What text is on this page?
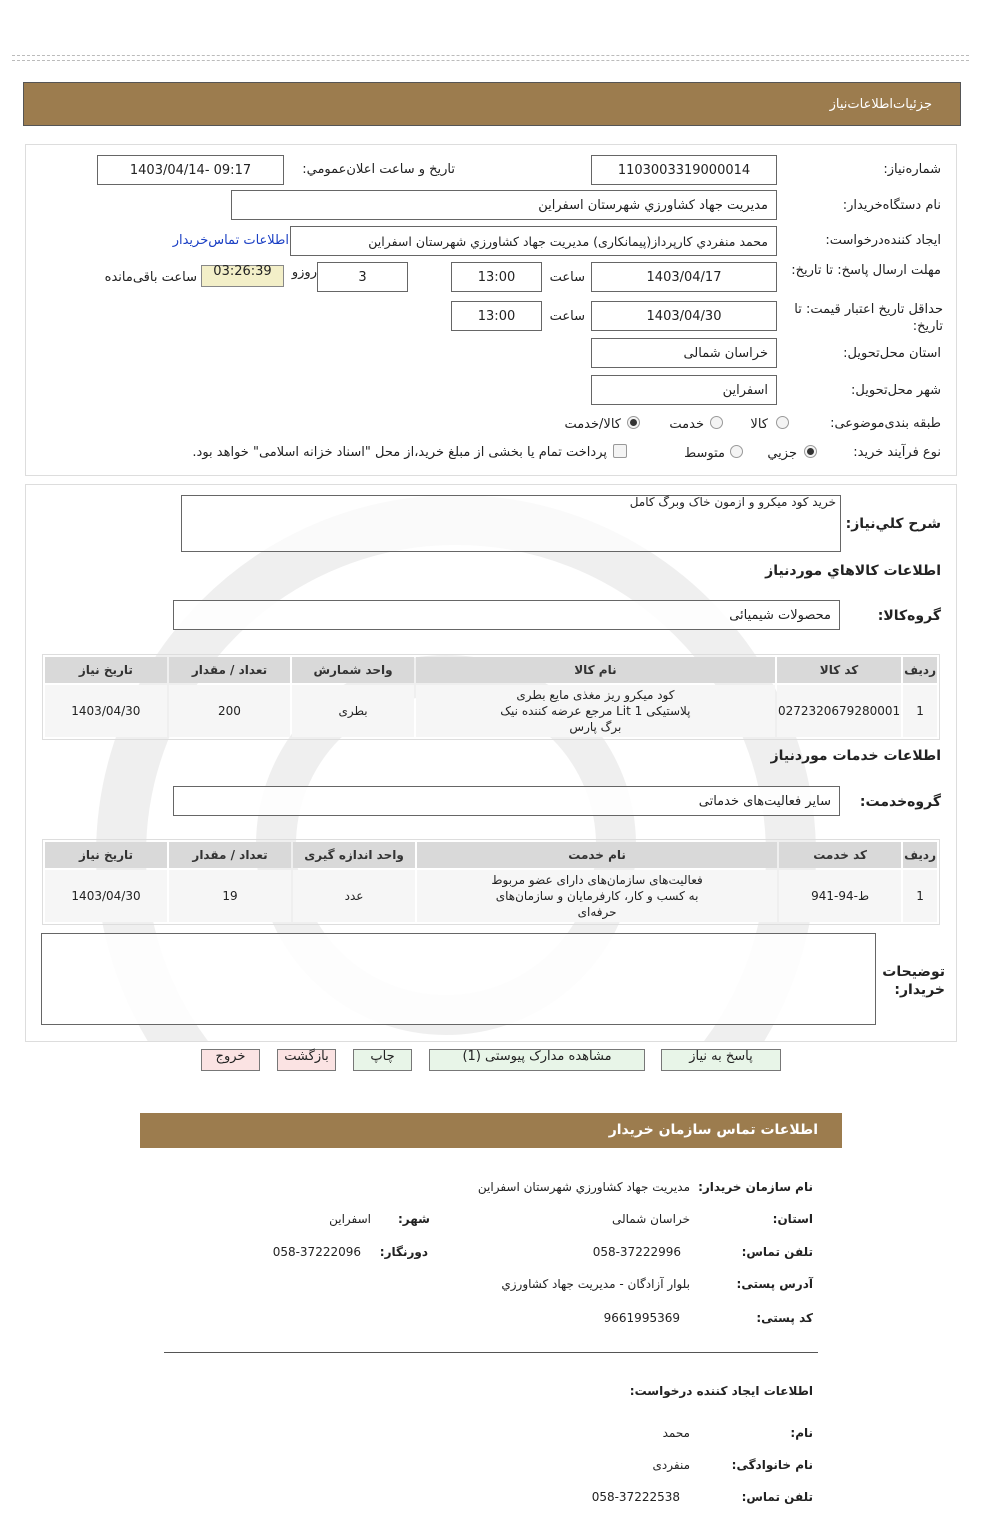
جزئیات‌اطلاعات‌نیاز
شماره‌نیاز:
1103003319000014
تاريخ و ساعت اعلان‌عمومي:
1403/04/14- 09:17
نام دستگاه‌خريدار:
مديريت جهاد كشاورزي شهرستان اسفراين
ايجاد كننده‌درخواست:
محمد منفردي كارپرداز(پيمانكاری) مديريت جهاد كشاورزي شهرستان اسفراين
اطلاعات تماس‌خريدار
مهلت ارسال پاسخ: تا تاريخ:
1403/04/17
ساعت
13:00
3
روزو
03:26:39
ساعت باقی‌مانده
حداقل تاريخ اعتبار قيمت: تا تاريخ:
1403/04/30
ساعت
13:00
استان محل‌تحويل:
خراسان شمالی
شهر محل‌تحويل:
اسفراين
طبقه بندی‌موضوعی:
كالا
خدمت
كالا/خدمت
نوع فرآيند خريد:
جزيي
متوسط
پرداخت تمام يا بخشی از مبلغ خريد،از محل "اسناد خزانه اسلامی" خواهد بود.
شرح كلي‌نياز:
خريد كود ميكرو و ازمون خاک وبرگ كامل
اطلاعات كالاهاي مورد‌نياز
گروه‌كالا:
محصولات شيميائی
رديف	كد كالا	نام كالا	واحد شمارش	تعداد / مقدار	تاريخ نياز
1	0272320679280001	كود ميكرو ريز مغذی مايع بطری پلاستيكی 1 Lit مرجع عرضه كننده نيک برگ پارس	بطری	200	1403/04/30
اطلاعات خدمات مورد‌نياز
گروه‌خدمت:
ساير فعاليت‌های خدماتی
رديف	كد خدمت	نام خدمت	واحد اندازه گيری	تعداد / مقدار	تاريخ نياز
1	ط-94-941	فعاليت‌های سازمان‌های دارای عضو مربوط به كسب و كار، كارفرمايان و سازمان‌های حرفه‌ای	عدد	19	1403/04/30
توضيحات خريدار:
پاسخ به نياز
مشاهده مدارک پيوستی (1)
چاپ
بازگشت
خروج
اطلاعات تماس سازمان خريدار
نام سازمان خريدار:
مديريت جهاد كشاورزي شهرستان اسفراين
استان:
خراسان شمالی
شهر:
اسفراين
تلفن تماس:
058-37222996
دورنگار:
058-37222096
آدرس پستی:
بلوار آزادگان - مديريت جهاد كشاورزي
كد پستی:
9661995369
اطلاعات ايجاد كننده درخواست:
نام:
محمد
نام خانوادگی:
منفردی
تلفن تماس:
058-37222538
